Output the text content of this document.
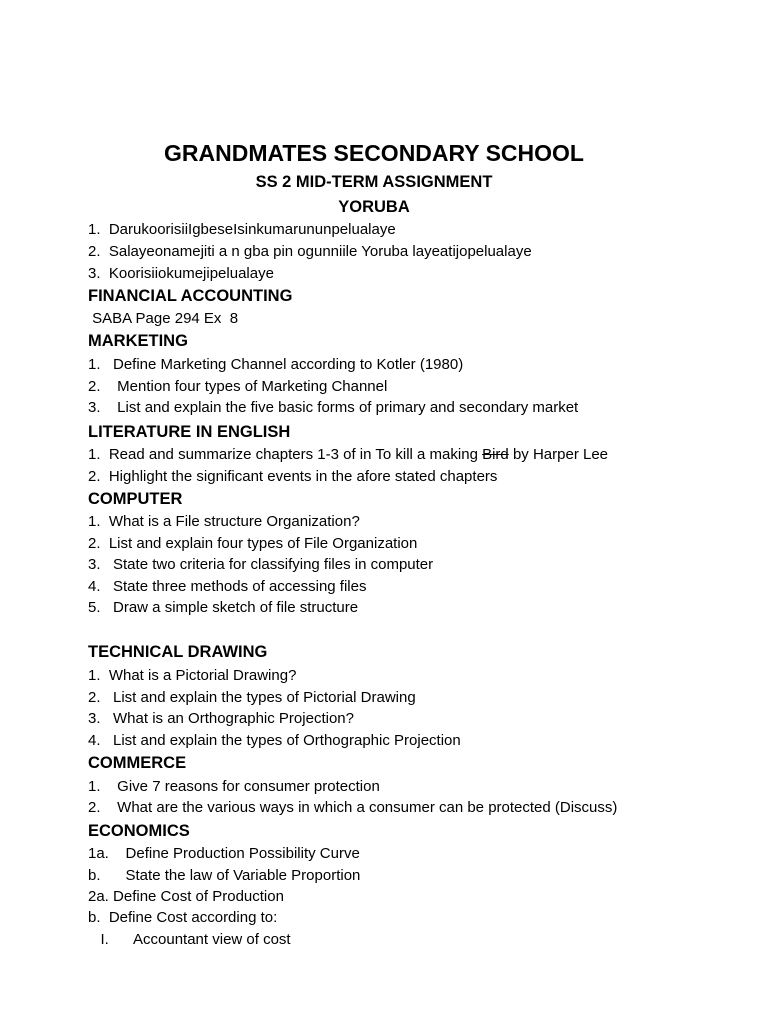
GRANDMATES SECONDARY SCHOOL
SS 2 MID-TERM ASSIGNMENT
YORUBA
1.  DarukoorisiiIgbeseIsinkumarununpelualaye
2.  Salayeonamejiti a n gba pin ogunniile Yoruba layeatijopelualaye
3.  Koorisiiokumejipelualaye
FINANCIAL ACCOUNTING
SABA Page 294 Ex  8
MARKETING
1.   Define Marketing Channel according to Kotler (1980)
2.    Mention four types of Marketing Channel
3.    List and explain the five basic forms of primary and secondary market
LITERATURE IN ENGLISH
1.  Read and summarize chapters 1-3 of in To kill a making Bird by Harper Lee
2.  Highlight the significant events in the afore stated chapters
COMPUTER
1.  What is a File structure Organization?
2.  List and explain four types of File Organization
3.   State two criteria for classifying files in computer
4.   State three methods of accessing files
5.   Draw a simple sketch of file structure
TECHNICAL DRAWING
1.  What is a Pictorial Drawing?
2.   List and explain the types of Pictorial Drawing
3.   What is an Orthographic Projection?
4.   List and explain the types of Orthographic Projection
COMMERCE
1.    Give 7 reasons for consumer protection
2.    What are the various ways in which a consumer can be protected (Discuss)
ECONOMICS
1a.    Define Production Possibility Curve
b.      State the law of Variable Proportion
2a. Define Cost of Production
b.  Define Cost according to:
I.      Accountant view of cost
